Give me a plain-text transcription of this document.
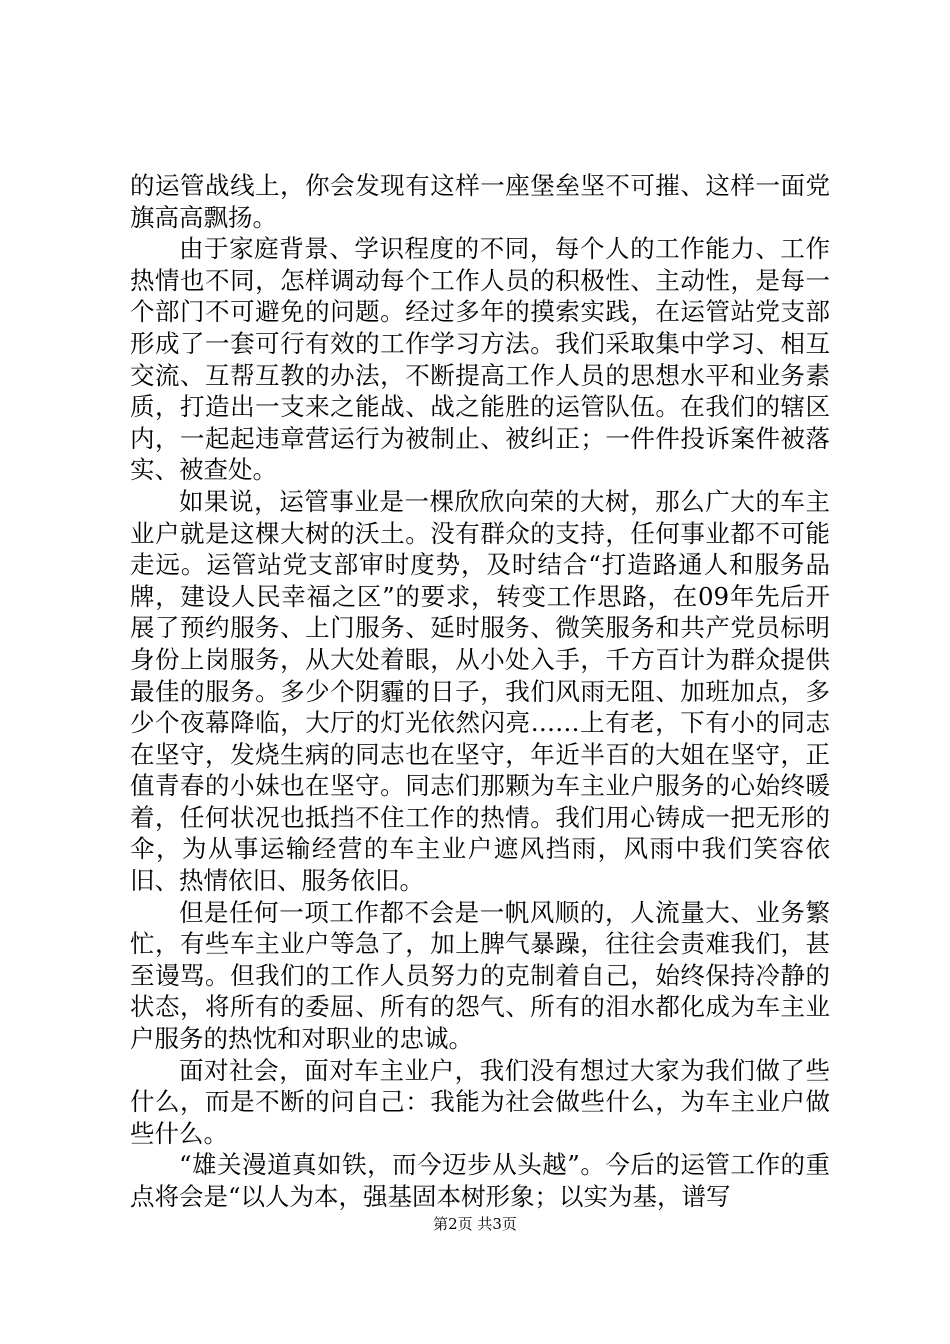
的运管战线上，你会发现有这样一座堡垒坚不可摧、这样一面党旗高高飘扬。

由于家庭背景、学识程度的不同，每个人的工作能力、工作热情也不同，怎样调动每个工作人员的积极性、主动性，是每一个部门不可避免的问题。经过多年的摸索实践，在运管站党支部形成了一套可行有效的工作学习方法。我们采取集中学习、相互交流、互帮互教的办法，不断提高工作人员的思想水平和业务素质，打造出一支来之能战、战之能胜的运管队伍。在我们的辖区内，一起起违章营运行为被制止、被纠正；一件件投诉案件被落实、被查处。

如果说，运管事业是一棵欣欣向荣的大树，那么广大的车主业户就是这棵大树的沃土。没有群众的支持，任何事业都不可能走远。运管站党支部审时度势，及时结合“打造路通人和服务品牌，建设人民幸福之区”的要求，转变工作思路，在09年先后开展了预约服务、上门服务、延时服务、微笑服务和共产党员标明身份上岗服务，从大处着眼，从小处入手，千方百计为群众提供最佳的服务。多少个阴霾的日子，我们风雨无阻、加班加点，多少个夜幕降临，大厅的灯光依然闪亮……上有老，下有小的同志在坚守，发烧生病的同志也在坚守，年近半百的大姐在坚守，正值青春的小妹也在坚守。同志们那颗为车主业户服务的心始终暖着，任何状况也抵挡不住工作的热情。我们用心铸成一把无形的伞，为从事运输经营的车主业户遮风挡雨，风雨中我们笑容依旧、热情依旧、服务依旧。

但是任何一项工作都不会是一帆风顺的，人流量大、业务繁忙，有些车主业户等急了，加上脾气暴躁，往往会责难我们，甚至谩骂。但我们的工作人员努力的克制着自己，始终保持冷静的状态，将所有的委屈、所有的怨气、所有的泪水都化成为车主业户服务的热忱和对职业的忠诚。

面对社会，面对车主业户，我们没有想过大家为我们做了些什么，而是不断的问自己：我能为社会做些什么，为车主业户做些什么。

“雄关漫道真如铁，而今迈步从头越”。今后的运管工作的重点将会是“以人为本，强基固本树形象；以实为基，谱写

第2页 共3页
